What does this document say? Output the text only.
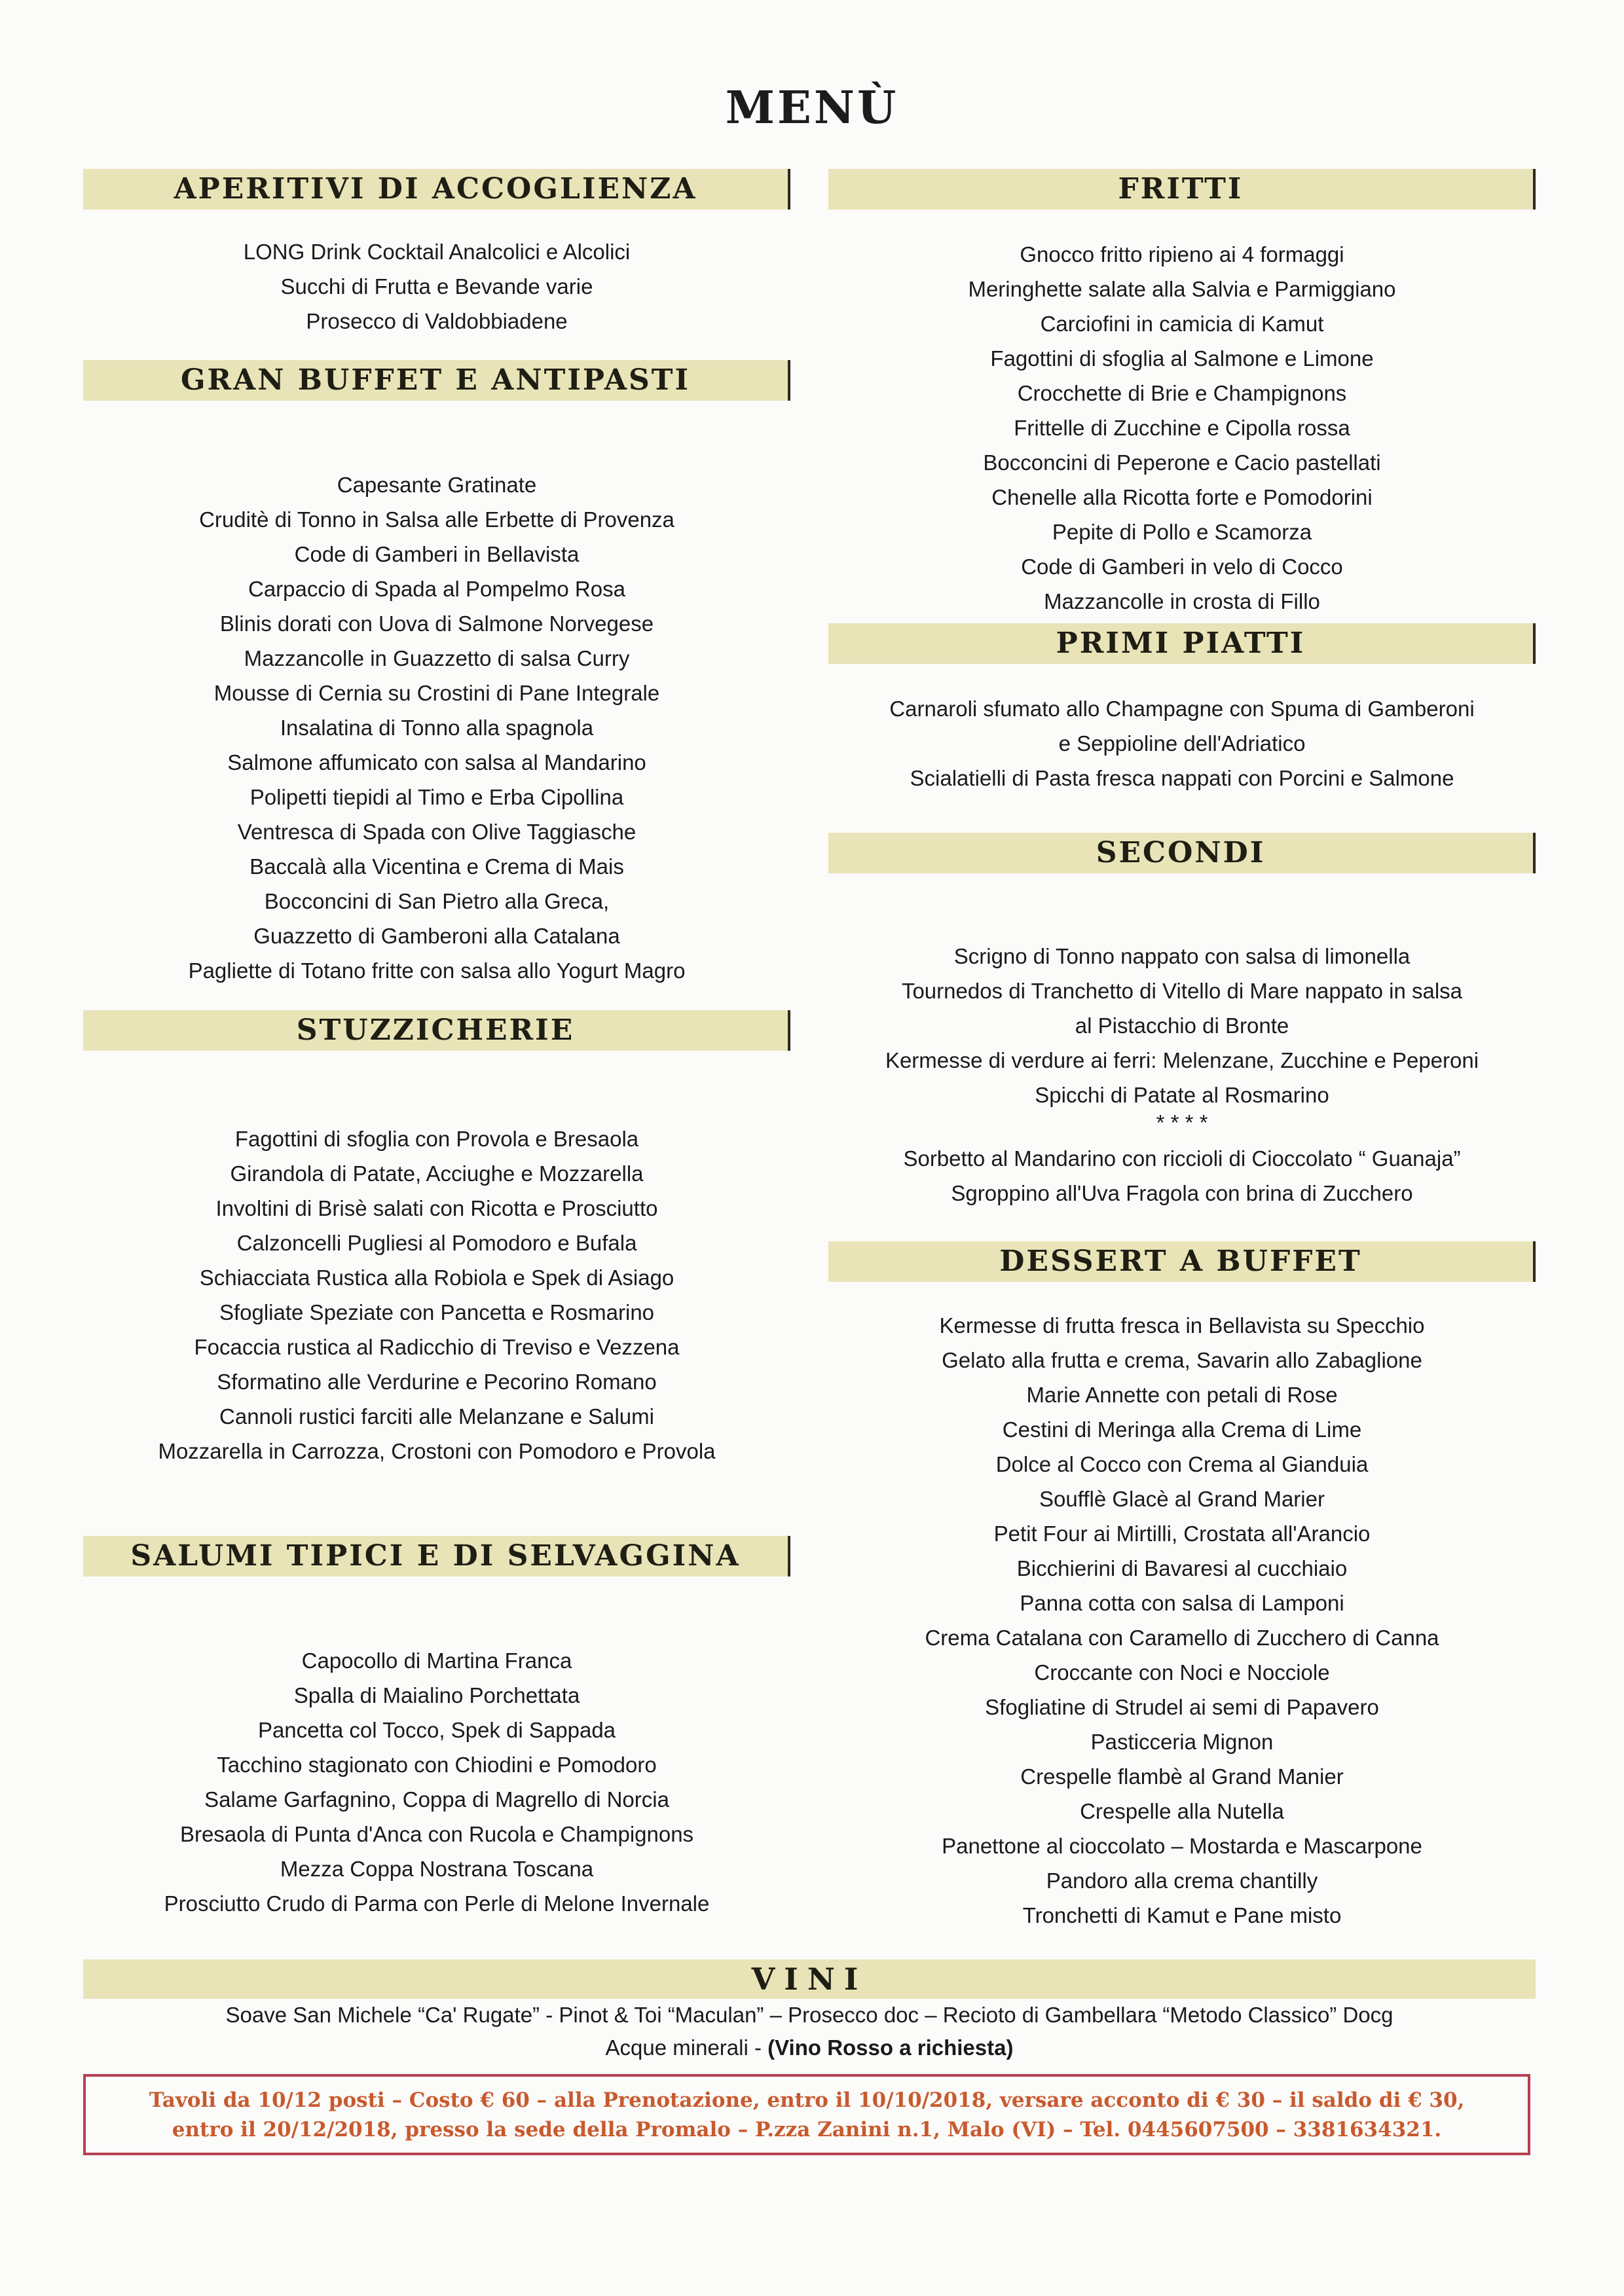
MENÙ
APERITIVI DI ACCOGLIENZA
LONG Drink Cocktail Analcolici e Alcolici
Succhi di Frutta e Bevande varie
Prosecco di Valdobbiadene
GRAN BUFFET E ANTIPASTI
Capesante Gratinate
Cruditè di Tonno in Salsa alle Erbette di Provenza
Code di Gamberi in Bellavista
Carpaccio di Spada al Pompelmo Rosa
Blinis dorati con Uova di Salmone Norvegese
Mazzancolle in Guazzetto di salsa Curry
Mousse di Cernia su Crostini di Pane Integrale
Insalatina di Tonno alla spagnola
Salmone affumicato con salsa al Mandarino
Polipetti tiepidi al Timo e Erba Cipollina
Ventresca di Spada con Olive Taggiasche
Baccalà alla Vicentina e Crema di Mais
Bocconcini di San Pietro alla Greca,
Guazzetto di Gamberoni alla Catalana
Pagliette di Totano fritte con salsa allo Yogurt Magro
STUZZICHERIE
Fagottini di sfoglia con Provola e Bresaola
Girandola di Patate, Acciughe e Mozzarella
Involtini di Brisè salati con Ricotta e Prosciutto
Calzoncelli Pugliesi al Pomodoro e Bufala
Schiacciata Rustica alla Robiola e Spek di Asiago
Sfogliate Speziate con Pancetta e Rosmarino
Focaccia rustica al Radicchio di Treviso e Vezzena
Sformatino alle Verdurine e Pecorino Romano
Cannoli rustici farciti alle Melanzane e Salumi
Mozzarella in Carrozza, Crostoni con Pomodoro e Provola
SALUMI TIPICI E DI SELVAGGINA
Capocollo di Martina Franca
Spalla di Maialino Porchettata
Pancetta col Tocco, Spek di Sappada
Tacchino stagionato con Chiodini e Pomodoro
Salame Garfagnino, Coppa di Magrello di Norcia
Bresaola di Punta d'Anca con Rucola e Champignons
Mezza Coppa Nostrana Toscana
Prosciutto Crudo di Parma con Perle di Melone Invernale
FRITTI
Gnocco fritto ripieno ai 4 formaggi
Meringhette salate alla Salvia e Parmiggiano
Carciofini in camicia di Kamut
Fagottini di sfoglia al Salmone e Limone
Crocchette di Brie e Champignons
Frittelle di Zucchine e Cipolla rossa
Bocconcini di Peperone e Cacio pastellati
Chenelle alla Ricotta forte e Pomodorini
Pepite di Pollo e Scamorza
Code di Gamberi in velo di Cocco
Mazzancolle in crosta di Fillo
PRIMI PIATTI
Carnaroli sfumato allo Champagne con Spuma di Gamberoni
e Seppioline dell'Adriatico
Scialatielli di Pasta fresca nappati con Porcini e Salmone
SECONDI
Scrigno di Tonno nappato con salsa di limonella
Tournedos di Tranchetto di Vitello di Mare nappato in salsa
al Pistacchio di Bronte
Kermesse di verdure ai ferri: Melenzane, Zucchine e Peperoni
Spicchi di Patate al Rosmarino
* * * *
Sorbetto al Mandarino con riccioli di Cioccolato “ Guanaja”
Sgroppino all'Uva Fragola con brina di Zucchero
DESSERT A BUFFET
Kermesse di frutta fresca in Bellavista su Specchio
Gelato alla frutta e crema, Savarin allo Zabaglione
Marie Annette con petali di Rose
Cestini di Meringa alla Crema di Lime
Dolce al Cocco con Crema al Gianduia
Soufflè Glacè al Grand Marier
Petit Four ai Mirtilli, Crostata all'Arancio
Bicchierini di Bavaresi al cucchiaio
Panna cotta con salsa di Lamponi
Crema Catalana con Caramello di Zucchero di Canna
Croccante con Noci e Nocciole
Sfogliatine di Strudel ai semi di Papavero
Pasticceria Mignon
Crespelle flambè al Grand Manier
Crespelle alla Nutella
Panettone al cioccolato – Mostarda e Mascarpone
Pandoro alla crema chantilly
Tronchetti di Kamut e Pane misto
VINI
Soave San Michele “Ca' Rugate” - Pinot & Toi “Maculan” – Prosecco doc – Recioto di Gambellara “Metodo Classico” Docg
Acque minerali - (Vino Rosso a richiesta)
Tavoli da 10/12 posti – Costo € 60 – alla Prenotazione, entro il 10/10/2018, versare acconto di € 30 – il saldo di € 30,
entro il 20/12/2018, presso la sede della Promalo – P.zza Zanini n.1, Malo (VI) – Tel. 0445607500 – 3381634321.
